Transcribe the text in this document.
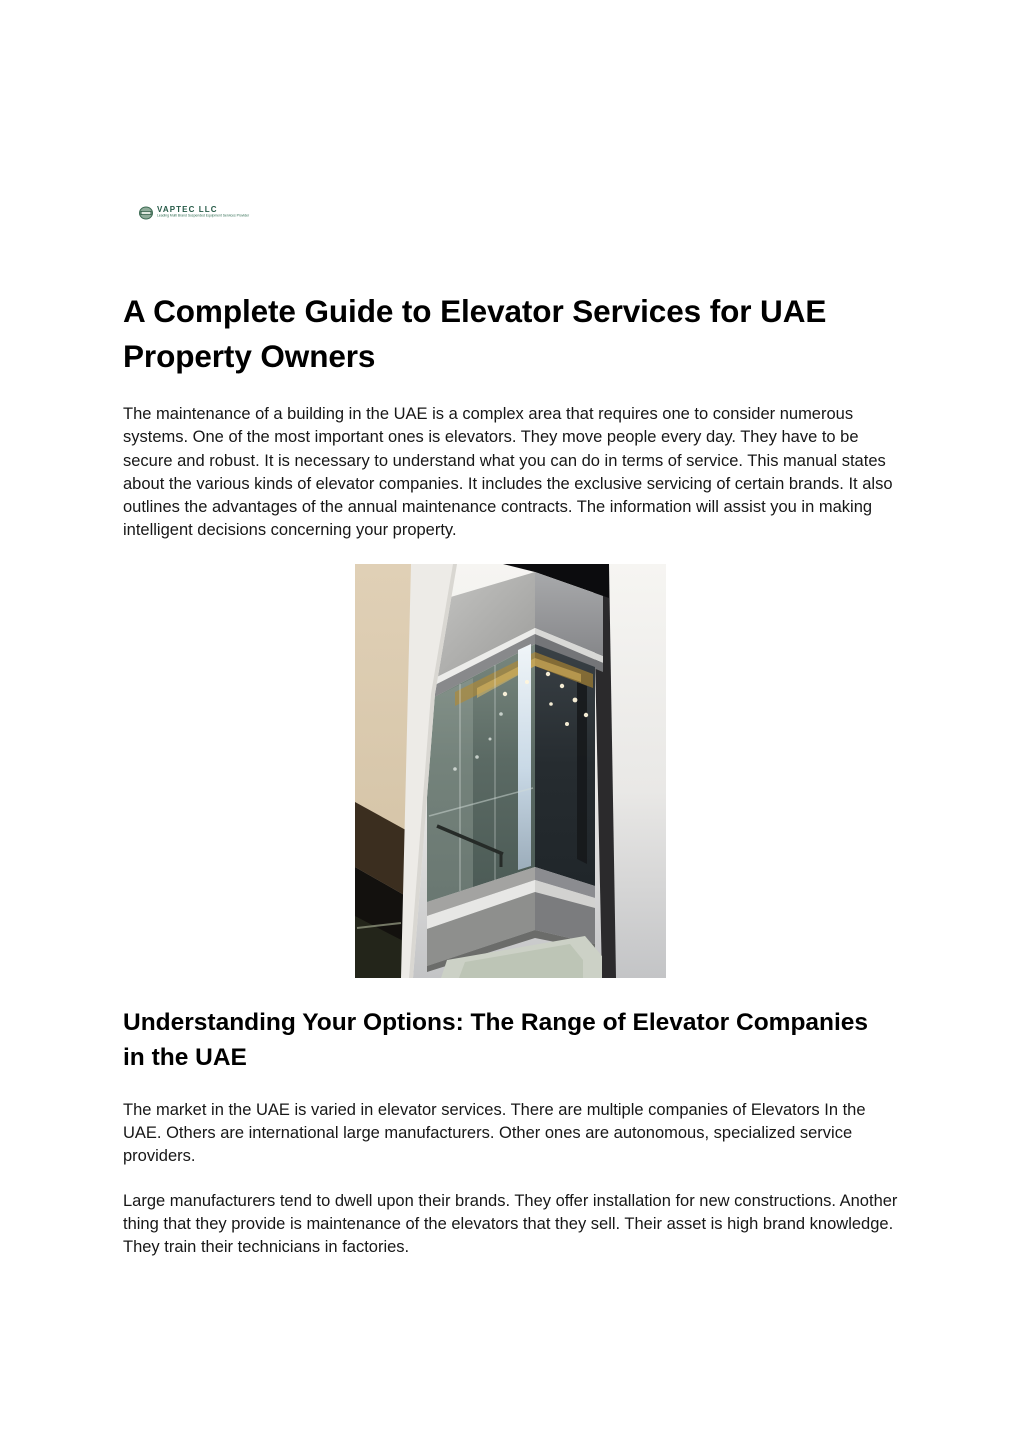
VAPTEC LLC
Leading Multi Brand Suspended Equipment Services Provider
A Complete Guide to Elevator Services for UAE Property Owners

The maintenance of a building in the UAE is a complex area that requires one to consider numerous systems. One of the most important ones is elevators. They move people every day. They have to be secure and robust. It is necessary to understand what you can do in terms of service. This manual states about the various kinds of elevator companies. It includes the exclusive servicing of certain brands. It also outlines the advantages of the annual maintenance contracts. The information will assist you in making intelligent decisions concerning your property.

Understanding Your Options: The Range of Elevator Companies in the UAE

The market in the UAE is varied in elevator services. There are multiple companies of Elevators In the UAE. Others are international large manufacturers. Other ones are autonomous, specialized service providers.

Large manufacturers tend to dwell upon their brands. They offer installation for new constructions. Another thing that they provide is maintenance of the elevators that they sell. Their asset is high brand knowledge. They train their technicians in factories.
